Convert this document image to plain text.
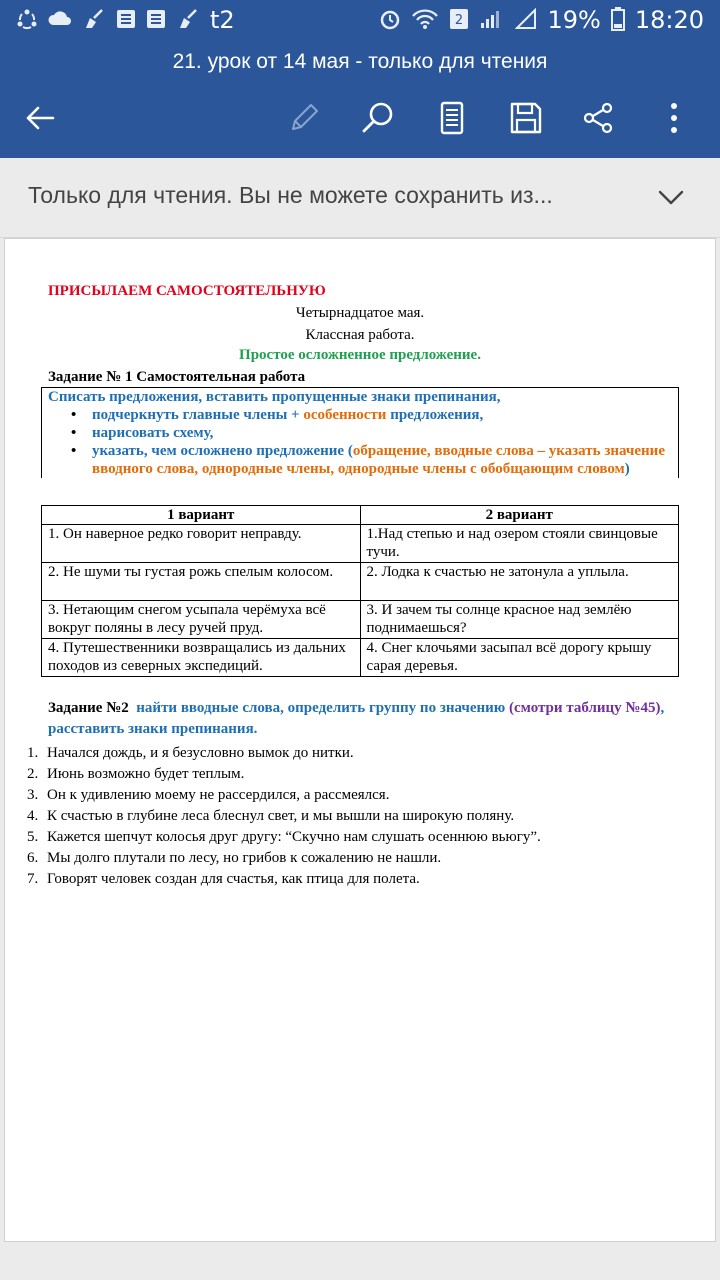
t2	2	19% 18:20
21. урок от 14 мая - только для чтения
Только для чтения. Вы не можете сохранить из...
ПРИСЫЛАЕМ САМОСТОЯТЕЛЬНУЮ
Четырнадцатое мая.
Классная работа.
Простое осложненное предложение.
Задание № 1 Самостоятельная работа
Списать предложения, вставить пропущенные знаки препинания,
• подчеркнуть главные члены + особенности предложения,
• нарисовать схему,
• указать, чем осложнено предложение (обращение, вводные слова – указать значение вводного слова, однородные члены, однородные члены с обобщающим словом)
1 вариант	2 вариант
1. Он наверное редко говорит неправду.	1.Над степью и над озером стояли свинцовые тучи.
2. Не шуми ты густая рожь спелым колосом.	2. Лодка к счастью не затонула а уплыла.
3. Нетающим снегом усыпала черёмуха всё вокруг поляны в лесу ручей пруд.	3. И зачем ты солнце красное над землёю поднимаешься?
4. Путешественники возвращались из дальних походов из северных экспедиций.	4. Снег клочьями засыпал всё дорогу крышу сарая деревья.
Задание №2 найти вводные слова, определить группу по значению (смотри таблицу №45), расставить знаки препинания.
1. Начался дождь, и я безусловно вымок до нитки.
2. Июнь возможно будет теплым.
3. Он к удивлению моему не рассердился, а рассмеялся.
4. К счастью в глубине леса блеснул свет, и мы вышли на широкую поляну.
5. Кажется шепчут колосья друг другу: “Скучно нам слушать осеннюю вьюгу”.
6. Мы долго плутали по лесу, но грибов к сожалению не нашли.
7. Говорят человек создан для счастья, как птица для полета.
